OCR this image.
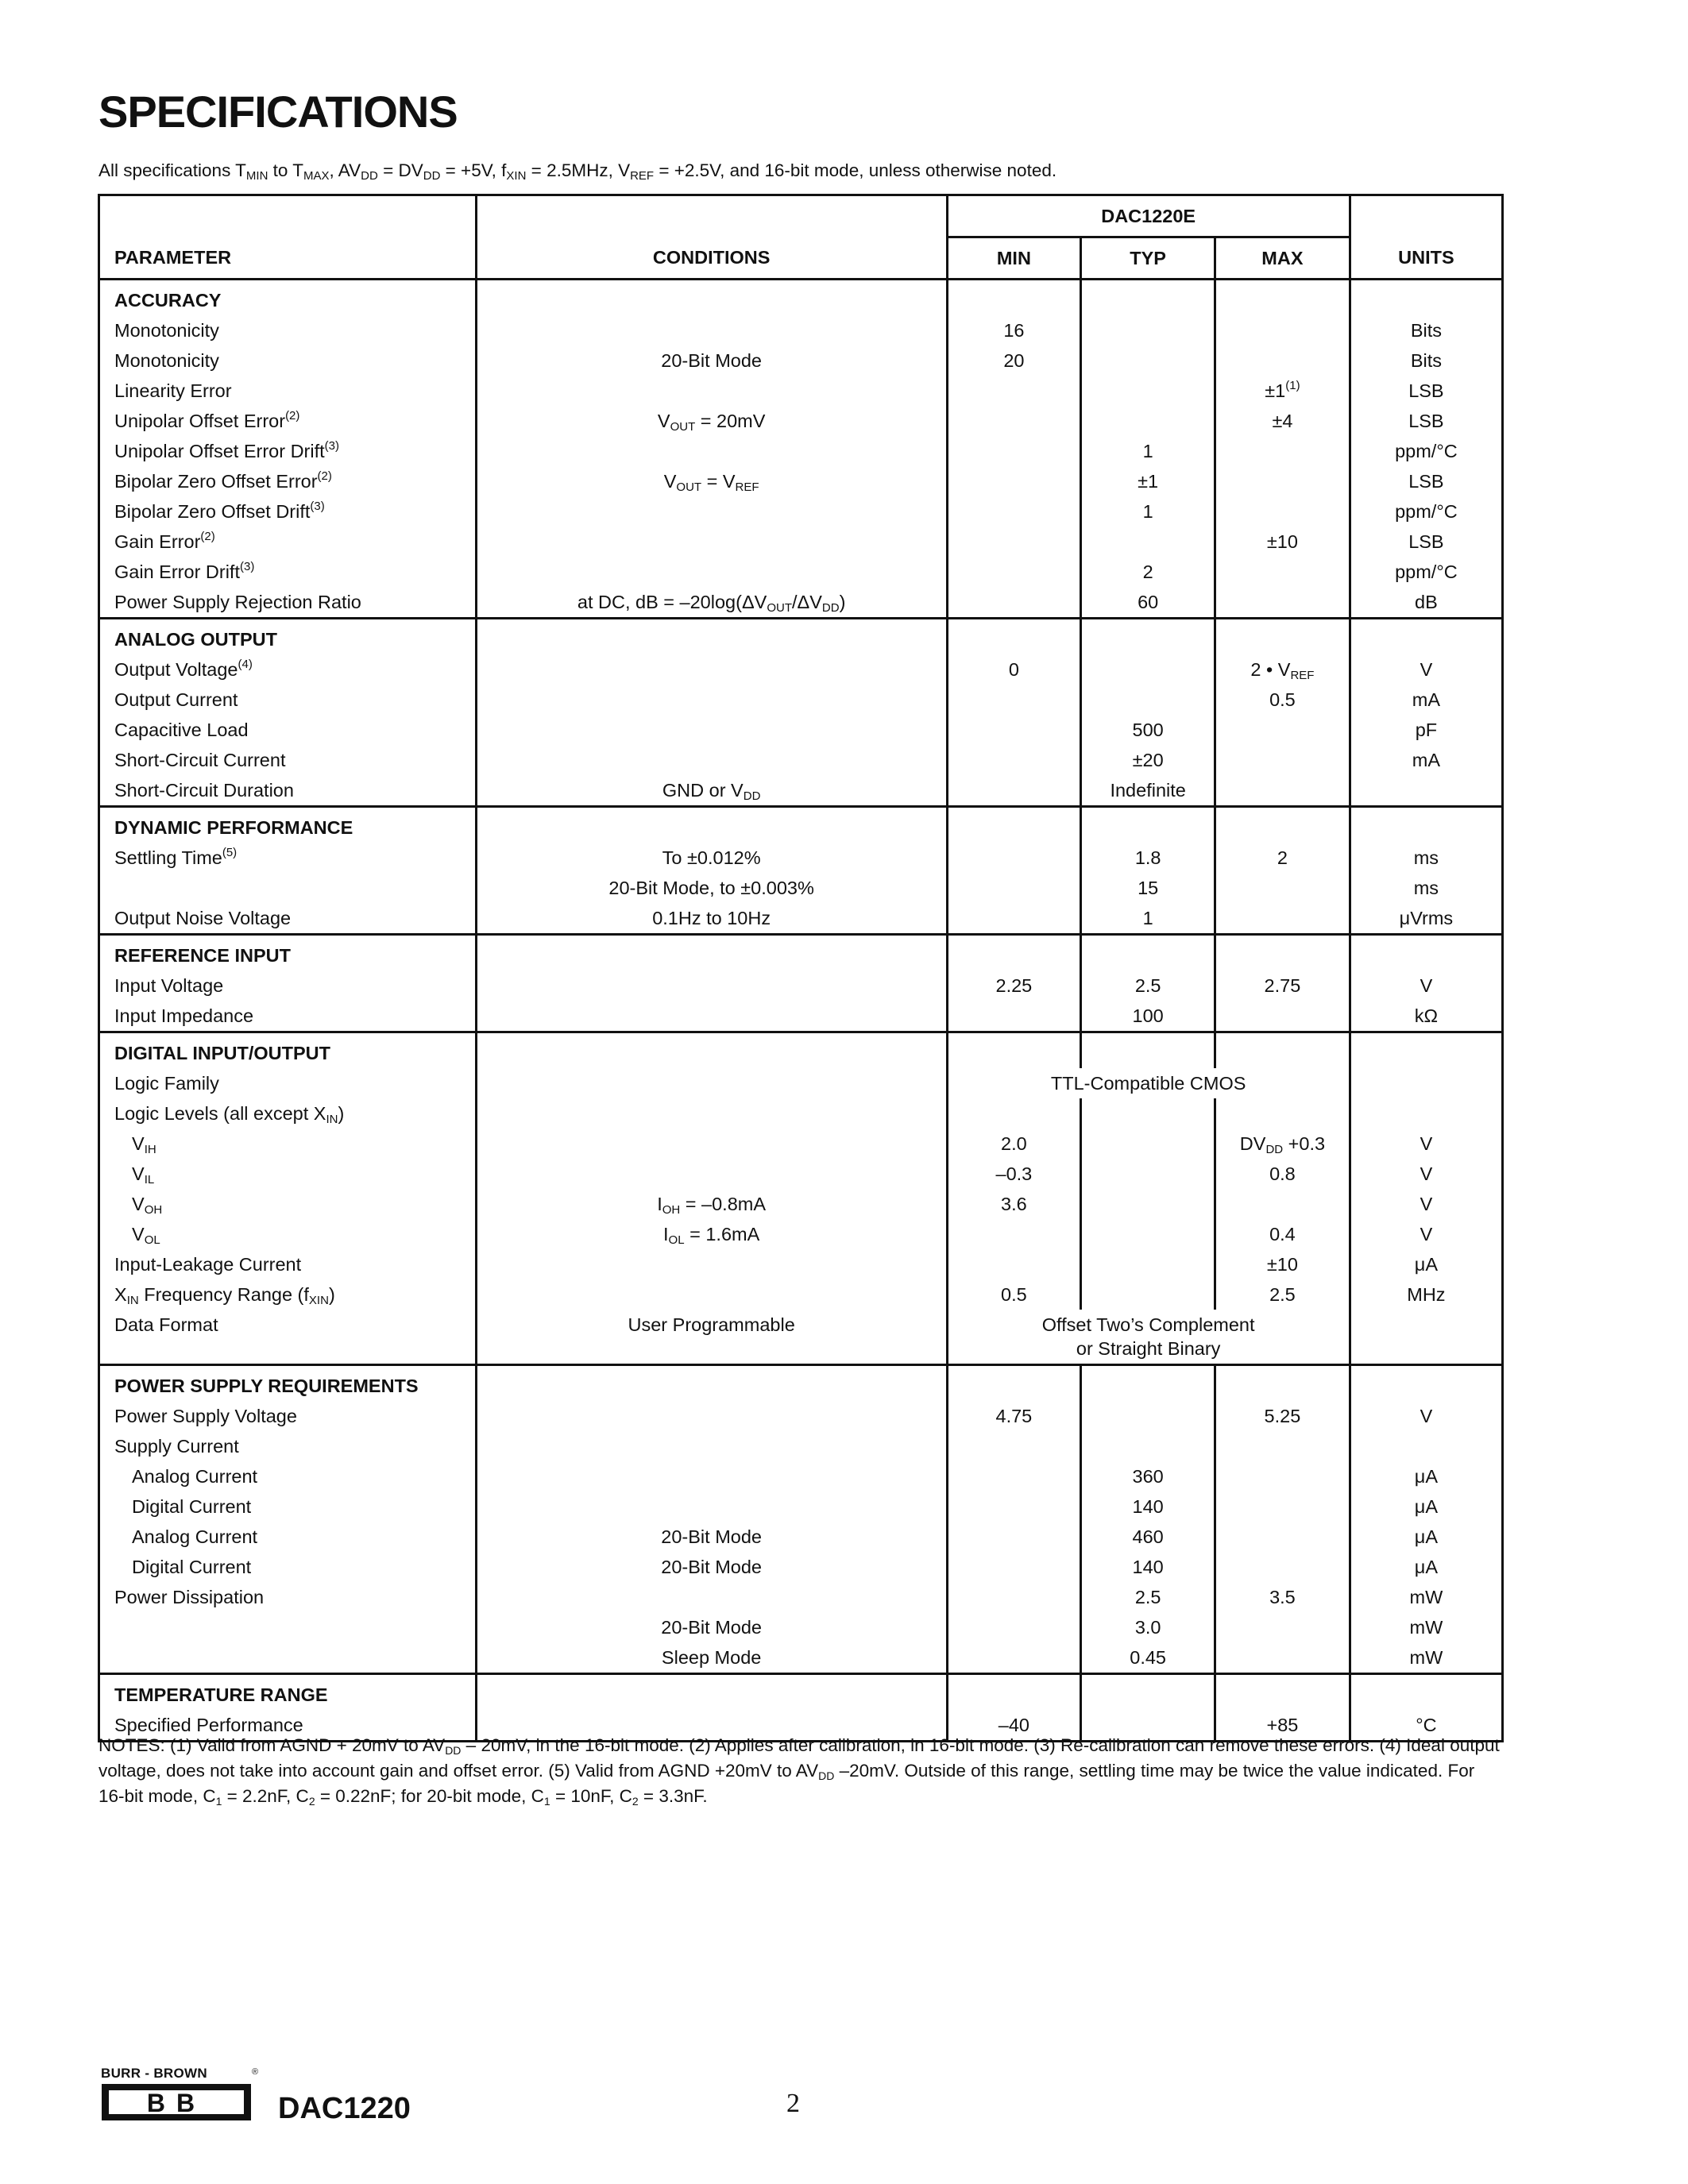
SPECIFICATIONS
All specifications $T_{MIN}$ to $T_{MAX}$, $AV_{DD} = DV_{DD} = +5V$, $f_{XIN} = 2.5MHz$, $V_{REF} = +2.5V$, and 16-bit mode, unless otherwise noted.
		DAC1220E			
PARAMETER	CONDITIONS	MIN	TYP	MAX	UNITS
ACCURACY					
Monotonicity		16			Bits
Monotonicity	20-Bit Mode	20			Bits
Linearity Error				$\pm 1^{(1)}$	LSB
Unipolar Offset Error$^{(2)}$	$V_{OUT} = 20mV$			±4	LSB
Unipolar Offset Error Drift$^{(3)}$			1		ppm/°C
Bipolar Zero Offset Error$^{(2)}$	$V_{OUT} = V_{REF}$		±1		LSB
Bipolar Zero Offset Drift$^{(3)}$			1		ppm/°C
Gain Error$^{(2)}$				±10	LSB
Gain Error Drift$^{(3)}$			2		ppm/°C
Power Supply Rejection Ratio	at DC, dB = $-20\log(\Delta V_{OUT}/\Delta V_{DD})$		60		dB
ANALOG OUTPUT					
Output Voltage$^{(4)}$		0		2 • $V_{REF}$	V
Output Current				0.5	mA
Capacitive Load			500		pF
Short-Circuit Current			±20		mA
Short-Circuit Duration	GND or $V_{DD}$		Indefinite		
DYNAMIC PERFORMANCE					
Settling Time$^{(5)}$	To ±0.012%		1.8	2	ms
	20-Bit Mode, to ±0.003%		15		ms
Output Noise Voltage	0.1Hz to 10Hz		1		μVrms
REFERENCE INPUT					
Input Voltage		2.25	2.5	2.75	V
Input Impedance			100		kΩ
DIGITAL INPUT/OUTPUT					
Logic Family		TTL-Compatible CMOS			
Logic Levels (all except $X_{IN}$)					
$V_{IH}$		2.0		$DV_{DD} +0.3$	V
$V_{IL}$		–0.3		0.8	V
$V_{OH}$	$I_{OH} = -0.8mA$	3.6			V
$V_{OL}$	$I_{OL} = 1.6mA$			0.4	V
Input-Leakage Current				±10	μA
$X_{IN}$ Frequency Range $(f_{XIN})$		0.5		2.5	MHz
Data Format	User Programmable	Offset Two’s Complement
or Straight Binary			

POWER SUPPLY REQUIREMENTS					
Power Supply Voltage		4.75		5.25	V
Supply Current					
Analog Current			360		μA
Digital Current			140		μA
Analog Current	20-Bit Mode		460		μA
Digital Current	20-Bit Mode		140		μA
Power Dissipation			2.5	3.5	mW
	20-Bit Mode		3.0		mW
	Sleep Mode		0.45		mW
TEMPERATURE RANGE					
Specified Performance		–40		+85	°C
NOTES: (1) Valid from AGND + 20mV to $AV_{DD} - 20mV$, in the 16-bit mode. (2) Applies after calibration, in 16-bit mode. (3) Re-calibration can remove these errors. (4) Ideal output voltage, does not take into account gain and offset error. (5) Valid from AGND +20mV to $AV_{DD}$ –20mV. Outside of this range, settling time may be twice the value indicated. For 16-bit mode, $C_1 = 2.2nF$, $C_2 = 0.22nF$; for 20-bit mode, $C_1 = 10nF$, $C_2 = 3.3nF$.
BURR - BROWN	®
BB DAC1220	2
